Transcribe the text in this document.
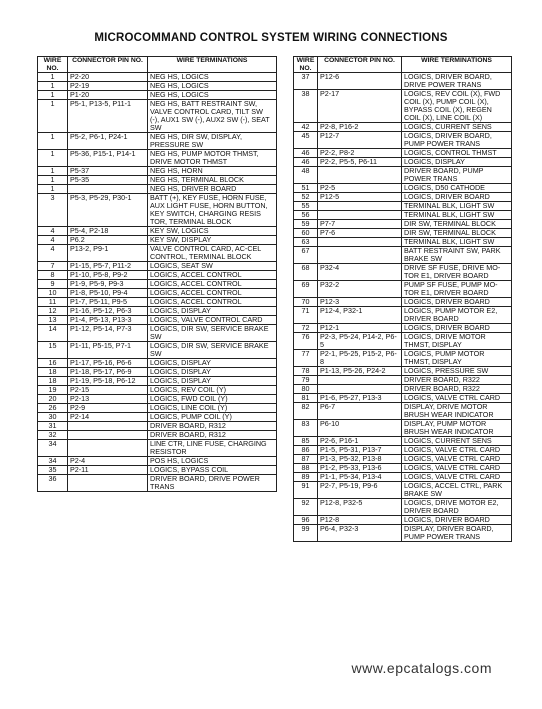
MICROCOMMAND CONTROL SYSTEM WIRING CONNECTIONS
WIRE NO.	CONNECTOR PIN NO.	WIRE TERMINATIONS
1	P2-20	NEG HS, LOGICS
1	P2-19	NEG HS, LOGICS
1	P1-20	NEG HS, LOGICS
1	P5-1, P13-5, P11-1	NEG HS, BATT RESTRAINT SW, VALVE CONTROL CARD, TILT SW (-), AUX1 SW (-), AUX2 SW (-), SEAT SW
1	P5-2, P6-1, P24-1	NEG HS, DIR SW, DISPLAY, PRESSURE SW
1	P5-36, P15-1, P14-1	NEG HS, PUMP MOTOR THMST, DRIVE MOTOR THMST
1	P5-37	NEG HS, HORN
1	P5-35	NEG HS, TERMINAL BLOCK
1		NEG HS, DRIVER BOARD
3	P5-3, P5-29, P30-1	BATT (+), KEY FUSE, HORN FUSE, AUX LIGHT FUSE, HORN BUTTON, KEY SWITCH, CHARGING RESIS TOR, TERMINAL BLOCK
4	P5-4, P2-18	KEY SW, LOGICS
4	P6.2	KEY SW, DISPLAY
4	P13-2, P9-1	VALVE CONTROL CARD, AC-CEL CONTROL, TERMINAL BLOCK
7	P1-15, P5-7, P11-2	LOGICS, SEAT SW
8	P1-10, P5-8, P9-2	LOGICS, ACCEL CONTROL
9	P1-9, P5-9, P9-3	LOGICS, ACCEL CONTROL
10	P1-8, P5-10, P9-4	LOGICS, ACCEL CONTROL
11	P1-7, P5-11, P9-5	LOGICS, ACCEL CONTROL
12	P1-16, P5-12, P6-3	LOGICS, DISPLAY
13	P1-4, P5-13, P13-3	LOGICS, VALVE CONTROL CARD
14	P1-12, P5-14, P7-3	LOGICS, DIR SW, SERVICE BRAKE SW
15	P1-11, P5-15, P7-1	LOGICS, DIR SW, SERVICE BRAKE SW
16	P1-17, P5-16, P6-6	LOGICS, DISPLAY
18	P1-18, P5-17, P6-9	LOGICS, DISPLAY
18	P1-19, P5-18, P6-12	LOGICS, DISPLAY
19	P2-15	LOGICS, REV COIL (Y)
20	P2-13	LOGICS, FWD COIL (Y)
26	P2-9	LOGICS, LINE COIL (Y)
30	P2-14	LOGICS, PUMP COIL (Y)
31		DRIVER BOARD, R312
32		DRIVER BOARD, R312
34		LINE CTR, LINE FUSE, CHARGING RESISTOR
34	P2-4	POS HS, LOGICS
35	P2-11	LOGICS, BYPASS COIL
36		DRIVER BOARD, DRIVE POWER TRANS
WIRE NO.	CONNECTOR PIN NO.	WIRE TERMINATIONS
37	P12-6	LOGICS, DRIVER BOARD, DRIVE POWER TRANS
38	P2-17	LOGICS, REV COIL (X), FWD COIL (X), PUMP COIL (X), BYPASS COIL (X), REGEN COIL (X), LINE COIL (X)
42	P2-8, P16-2	LOGICS, CURRENT SENS
45	P12-7	LOGICS, DRIVER BOARD, PUMP POWER TRANS
46	P2-2, P8-2	LOGICS, CONTROL THMST
46	P2-2, P5-5, P6-11	LOGICS, DISPLAY
48		DRIVER BOARD, PUMP POWER TRANS
51	P2-5	LOGICS, D50 CATHODE
52	P12-5	LOGICS, DRIVER BOARD
55		TERMINAL BLK, LIGHT SW
56		TERMINAL BLK, LIGHT SW
59	P7-7	DIR SW, TERMINAL BLOCK
60	P7-6	DIR SW, TERMINAL BLOCK
63		TERMINAL BLK, LIGHT SW
67		BATT RESTRAINT SW, PARK BRAKE SW
68	P32-4	DRIVE SF FUSE, DRIVE MO-TOR E1, DRIVER BOARD
69	P32-2	PUMP SF FUSE, PUMP MO-TOR E1, DRIVER BOARD
70	P12-3	LOGICS, DRIVER BOARD
71	P12-4, P32-1	LOGICS, PUMP MOTOR E2, DRIVER BOARD
72	P12-1	LOGICS, DRIVER BOARD
76	P2-3, P5-24, P14-2, P6-5	LOGICS, DRIVE MOTOR THMST, DISPLAY
77	P2-1, P5-25, P15-2, P6-8	LOGICS, PUMP MOTOR THMST, DISPLAY
78	P1-13, P5-26, P24-2	LOGICS, PRESSURE SW
79		DRIVER BOARD, R322
80		DRIVER BOARD, R322
81	P1-6, P5-27, P13-3	LOGICS, VALVE CTRL CARD
82	P6-7	DISPLAY, DRIVE MOTOR BRUSH WEAR INDICATOR
83	P6-10	DISPLAY, PUMP MOTOR BRUSH WEAR INDICATOR
85	P2-6, P16-1	LOGICS, CURRENT SENS
86	P1-5, P5-31, P13-7	LOGICS, VALVE CTRL CARD
87	P1-3, P5-32, P13-8	LOGICS, VALVE CTRL CARD
88	P1-2, P5-33, P13-6	LOGICS, VALVE CTRL CARD
89	P1-1, P5-34, P13-4	LOGICS, VALVE CTRL CARD
91	P2-7, P5-19, P9-6	LOGICS, ACCEL CTRL, PARK BRAKE SW
92	P12-8, P32-5	LOGICS, DRIVE MOTOR E2, DRIVER BOARD
96	P12-8	LOGICS, DRIVER BOARD
99	P6-4, P32-3	DISPLAY, DRIVER BOARD, PUMP POWER TRANS
www.epcatalogs.com
